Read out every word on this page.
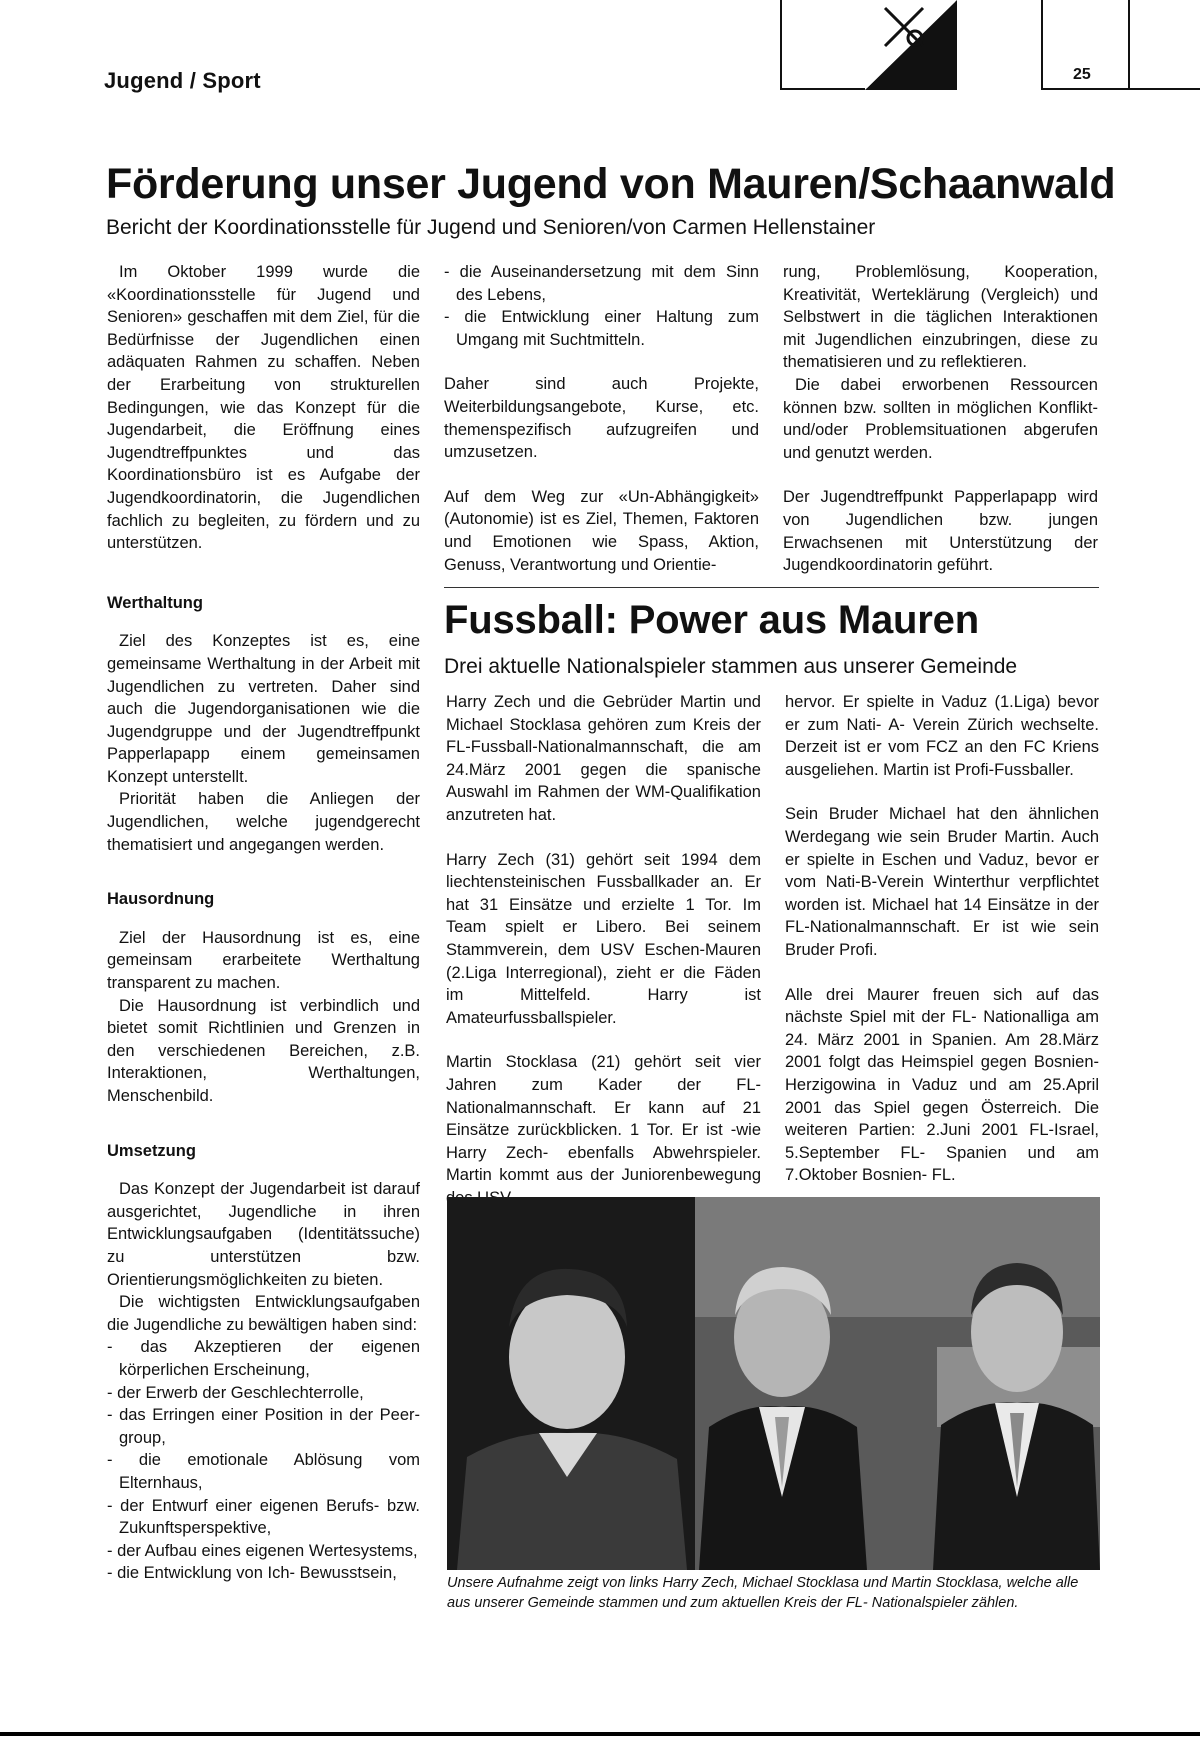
Jugend / Sport	25
Förderung unser Jugend von Mauren/Schaanwald
Bericht der Koordinationsstelle für Jugend und Senioren/von Carmen Hellenstainer

Im Oktober 1999 wurde die «Koordinationsstelle für Jugend und Senioren» geschaffen mit dem Ziel, für die Bedürfnisse der Jugendlichen einen adäquaten Rahmen zu schaffen. Neben der Erarbeitung von strukturellen Bedingungen, wie das Konzept für die Jugendarbeit, die Eröffnung eines Jugendtreffpunktes und das Koordinationsbüro ist es Aufgabe der Jugendkoordinatorin, die Jugendlichen fachlich zu begleiten, zu fördern und zu unterstützen.

Werthaltung

Ziel des Konzeptes ist es, eine gemeinsame Werthaltung in der Arbeit mit Jugendlichen zu vertreten. Daher sind auch die Jugendorganisationen wie die Jugendgruppe und der Jugendtreffpunkt Papperlapapp einem gemeinsamen Konzept unterstellt.

Priorität haben die Anliegen der Jugendlichen, welche jugendgerecht thematisiert und angegangen werden.

Hausordnung

Ziel der Hausordnung ist es, eine gemeinsam erarbeitete Werthaltung transparent zu machen.

Die Hausordnung ist verbindlich und bietet somit Richtlinien und Grenzen in den verschiedenen Bereichen, z.B. Interaktionen, Werthaltungen, Menschenbild.

Umsetzung

Das Konzept der Jugendarbeit ist darauf ausgerichtet, Jugendliche in ihren Entwicklungsaufgaben (Identitätssuche) zu unterstützen bzw. Orientierungsmöglichkeiten zu bieten.

Die wichtigsten Entwicklungsaufgaben die Jugendliche zu bewältigen haben sind:

- das Akzeptieren der eigenen körperlichen Erscheinung,
- der Erwerb der Geschlechterrolle,
- das Erringen einer Position in der Peer- group,
- die emotionale Ablösung vom Elternhaus,
- der Entwurf einer eigenen Berufs- bzw. Zukunftsperspektive,
- der Aufbau eines eigenen Wertesystems,
- die Entwicklung von Ich- Bewusstsein,
- die Auseinandersetzung mit dem Sinn des Lebens,
- die Entwicklung einer Haltung zum Umgang mit Suchtmitteln.

Daher sind auch Projekte, Weiterbildungsangebote, Kurse, etc. themenspezifisch aufzugreifen und umzusetzen.

Auf dem Weg zur «Un-Abhängigkeit» (Autonomie) ist es Ziel, Themen, Faktoren und Emotionen wie Spass, Aktion, Genuss, Verantwortung und Orientie-

rung, Problemlösung, Kooperation, Kreativität, Werteklärung (Vergleich) und Selbstwert in die täglichen Interaktionen mit Jugendlichen einzubringen, diese zu thematisieren und zu reflektieren.

Die dabei erworbenen Ressourcen können bzw. sollten in möglichen Konflikt- und/oder Problemsituationen abgerufen und genutzt werden.

Der Jugendtreffpunkt Papperlapapp wird von Jugendlichen bzw. jungen Erwachsenen mit Unterstützung der Jugendkoordinatorin geführt.

Fussball: Power aus Mauren
Drei aktuelle Nationalspieler stammen aus unserer Gemeinde

Harry Zech und die Gebrüder Martin und Michael Stocklasa gehören zum Kreis der FL-Fussball-Nationalmannschaft, die am 24.März 2001 gegen die spanische Auswahl im Rahmen der WM-Qualifikation anzutreten hat.

Harry Zech (31) gehört seit 1994 dem liechtensteinischen Fussballkader an. Er hat 31 Einsätze und erzielte 1 Tor. Im Team spielt er Libero. Bei seinem Stammverein, dem USV Eschen-Mauren (2.Liga Interregional), zieht er die Fäden im Mittelfeld. Harry ist Amateurfussballspieler.

Martin Stocklasa (21) gehört seit vier Jahren zum Kader der FL-Nationalmannschaft. Er kann auf 21 Einsätze zurückblicken. 1 Tor. Er ist -wie Harry Zech- ebenfalls Abwehrspieler. Martin kommt aus der Juniorenbewegung

hervor. Er spielte in Vaduz (1.Liga) bevor er zum Nati- A- Verein Zürich wechselte. Derzeit ist er vom FCZ an den FC Kriens ausgeliehen. Martin ist Profi-Fussballer.

Sein Bruder Michael hat den ähnlichen Werdegang wie sein Bruder Martin. Auch er spielte in Eschen und Vaduz, bevor er vom Nati-B-Verein Winterthur verpflichtet worden ist. Michael hat 14 Einsätze in der FL-Nationalmannschaft. Er ist wie sein Bruder Profi.

Alle drei Maurer freuen sich auf das nächste Spiel mit der FL- Nationalliga am 24. März 2001 in Spanien. Am 28.März 2001 folgt das Heimspiel gegen Bosnien-Herzigowina in Vaduz und am 25.April 2001 das Spiel gegen Österreich. Die weiteren Partien: 2.Juni 2001 FL-Israel, 5.September FL- Spanien und am 7.Oktober Bosnien- FL.

Unsere Aufnahme zeigt von links Harry Zech, Michael Stocklasa und Martin Stocklasa, welche alle aus unserer Gemeinde stammen und zum aktuellen Kreis der FL- Nationalspieler zählen.
